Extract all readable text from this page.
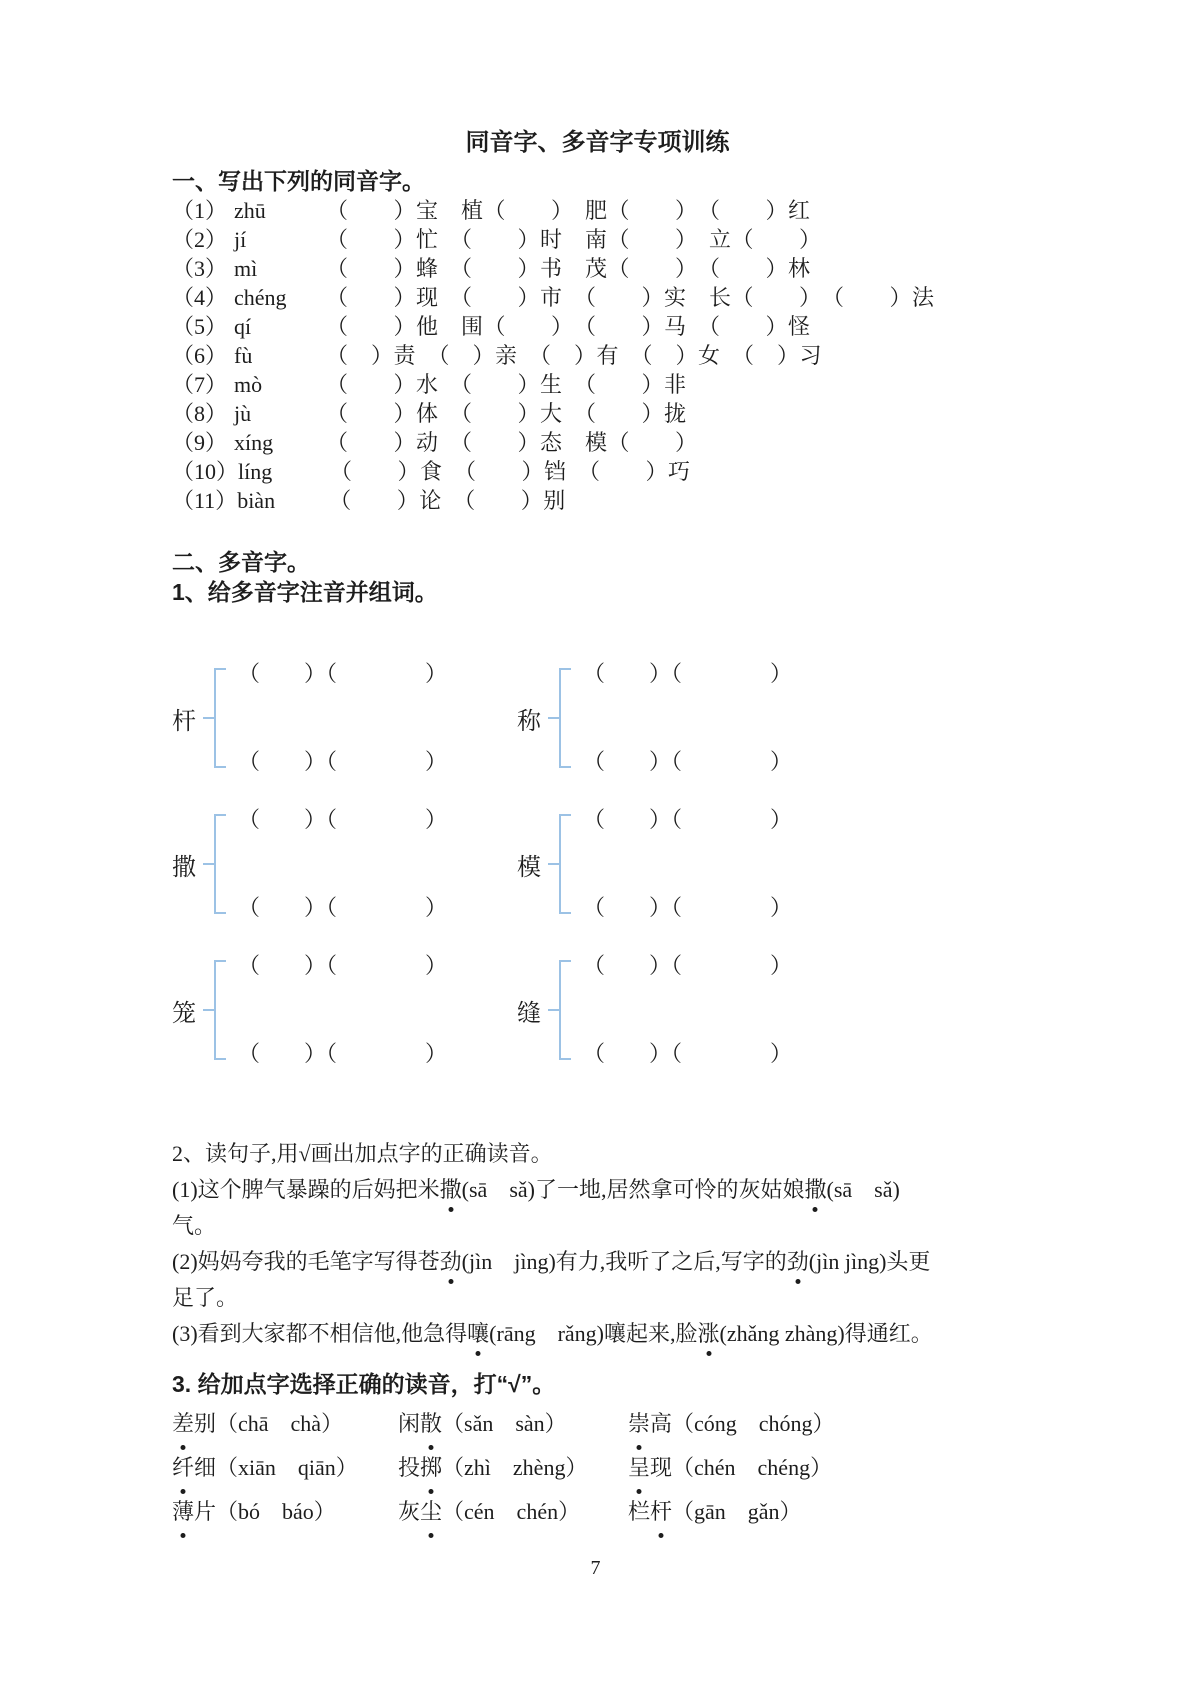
同音字、多音字专项训练
一、写出下列的同音字。
（1） zhū	（　　）宝　植（　　）　肥（　　）　（　　）红
（2） jí	（　　）忙　（　　）时　南（　　）　立（　　）
（3） mì	（　　）蜂　（　　）书　茂（　　）　（　　）林
（4） chéng	（　　）现　（　　）市　（　　）实　长（　　）　（　　）法
（5） qí	（　　）他　围（　　）　（　　）马　（　　）怪
（6） fù	（　）责　（　）亲　（　）有　（　）女　（　）习
（7） mò	（　　）水　（　　）生　（　　）非
（8） jù	（　　）体　（　　）大　（　　）拢
（9） xíng	（　　）动　（　　）态　模（　　）
（10） líng	（　　）食　（　　）铛　（　　）巧
（11） biàn	（　　）论　（　　）别
二、多音字。
1、给多音字注音并组词。
杆
（　　）（　　　　）
（　　）（　　　　）
称
（　　）（　　　　）
（　　）（　　　　）
撒
（　　）（　　　　）
（　　）（　　　　）
模
（　　）（　　　　）
（　　）（　　　　）
笼
（　　）（　　　　）
（　　）（　　　　）
缝
（　　）（　　　　）
（　　）（　　　　）
2、读句子,用√画出加点字的正确读音。

(1)这个脾气暴躁的后妈把米撒(sā　sǎ)了一地,居然拿可怜的灰姑娘撒(sā　sǎ)气。

(2)妈妈夸我的毛笔字写得苍劲(jìn　jìng)有力,我听了之后,写字的劲(jìn jìng)头更足了。

(3)看到大家都不相信他,他急得嚷(rāng　rǎng)嚷起来,脸涨(zhǎng zhàng)得通红。

3. 给加点字选择正确的读音，打“√”。
差别（chā　chà）	闲散（sǎn　sàn）	崇高（cóng　chóng）
纤细（xiān　qiān）	投掷（zhì　zhèng）	呈现（chén　chéng）
薄片（bó　báo）	灰尘（cén　chén）	栏杆（gān　gǎn）
7
